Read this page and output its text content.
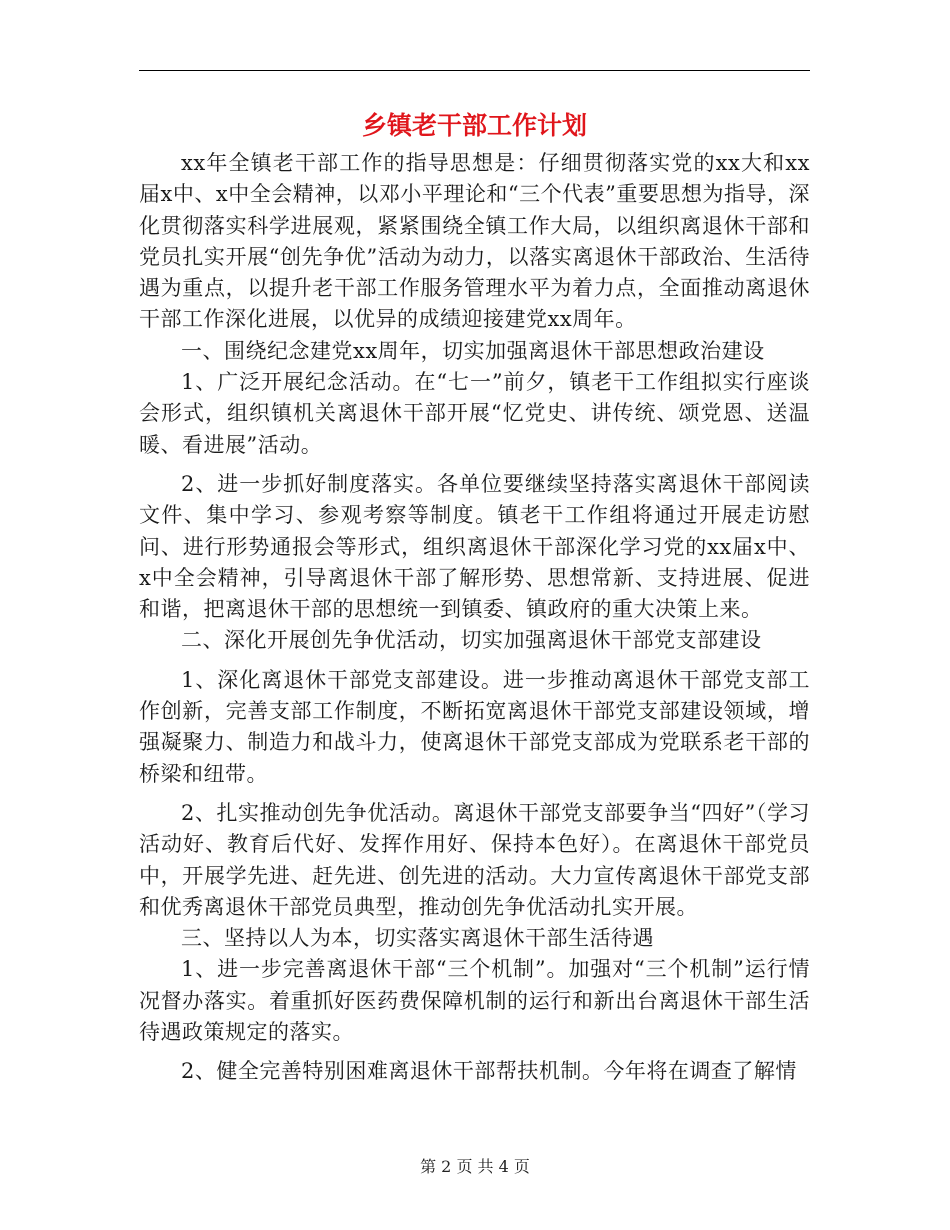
乡镇老干部工作计划

xx年全镇老干部工作的指导思想是：仔细贯彻落实党的xx大和xx届x中、x中全会精神，以邓小平理论和“三个代表”重要思想为指导，深化贯彻落实科学进展观，紧紧围绕全镇工作大局，以组织离退休干部和党员扎实开展“创先争优”活动为动力，以落实离退休干部政治、生活待遇为重点，以提升老干部工作服务管理水平为着力点，全面推动离退休干部工作深化进展，以优异的成绩迎接建党xx周年。

一、围绕纪念建党xx周年，切实加强离退休干部思想政治建设

1、广泛开展纪念活动。在“七一”前夕，镇老干工作组拟实行座谈会形式，组织镇机关离退休干部开展“忆党史、讲传统、颂党恩、送温暖、看进展”活动。

2、进一步抓好制度落实。各单位要继续坚持落实离退休干部阅读文件、集中学习、参观考察等制度。镇老干工作组将通过开展走访慰问、进行形势通报会等形式，组织离退休干部深化学习党的xx届x中、x中全会精神，引导离退休干部了解形势、思想常新、支持进展、促进和谐，把离退休干部的思想统一到镇委、镇政府的重大决策上来。

二、深化开展创先争优活动，切实加强离退休干部党支部建设

1、深化离退休干部党支部建设。进一步推动离退休干部党支部工作创新，完善支部工作制度，不断拓宽离退休干部党支部建设领域，增强凝聚力、制造力和战斗力，使离退休干部党支部成为党联系老干部的桥梁和纽带。

2、扎实推动创先争优活动。离退休干部党支部要争当“四好”（学习活动好、教育后代好、发挥作用好、保持本色好）。在离退休干部党员中，开展学先进、赶先进、创先进的活动。大力宣传离退休干部党支部和优秀离退休干部党员典型，推动创先争优活动扎实开展。

三、坚持以人为本，切实落实离退休干部生活待遇

1、进一步完善离退休干部“三个机制”。加强对“三个机制”运行情况督办落实。着重抓好医药费保障机制的运行和新出台离退休干部生活待遇政策规定的落实。

2、健全完善特别困难离退休干部帮扶机制。今年将在调查了解情

第 2 页 共 4 页
